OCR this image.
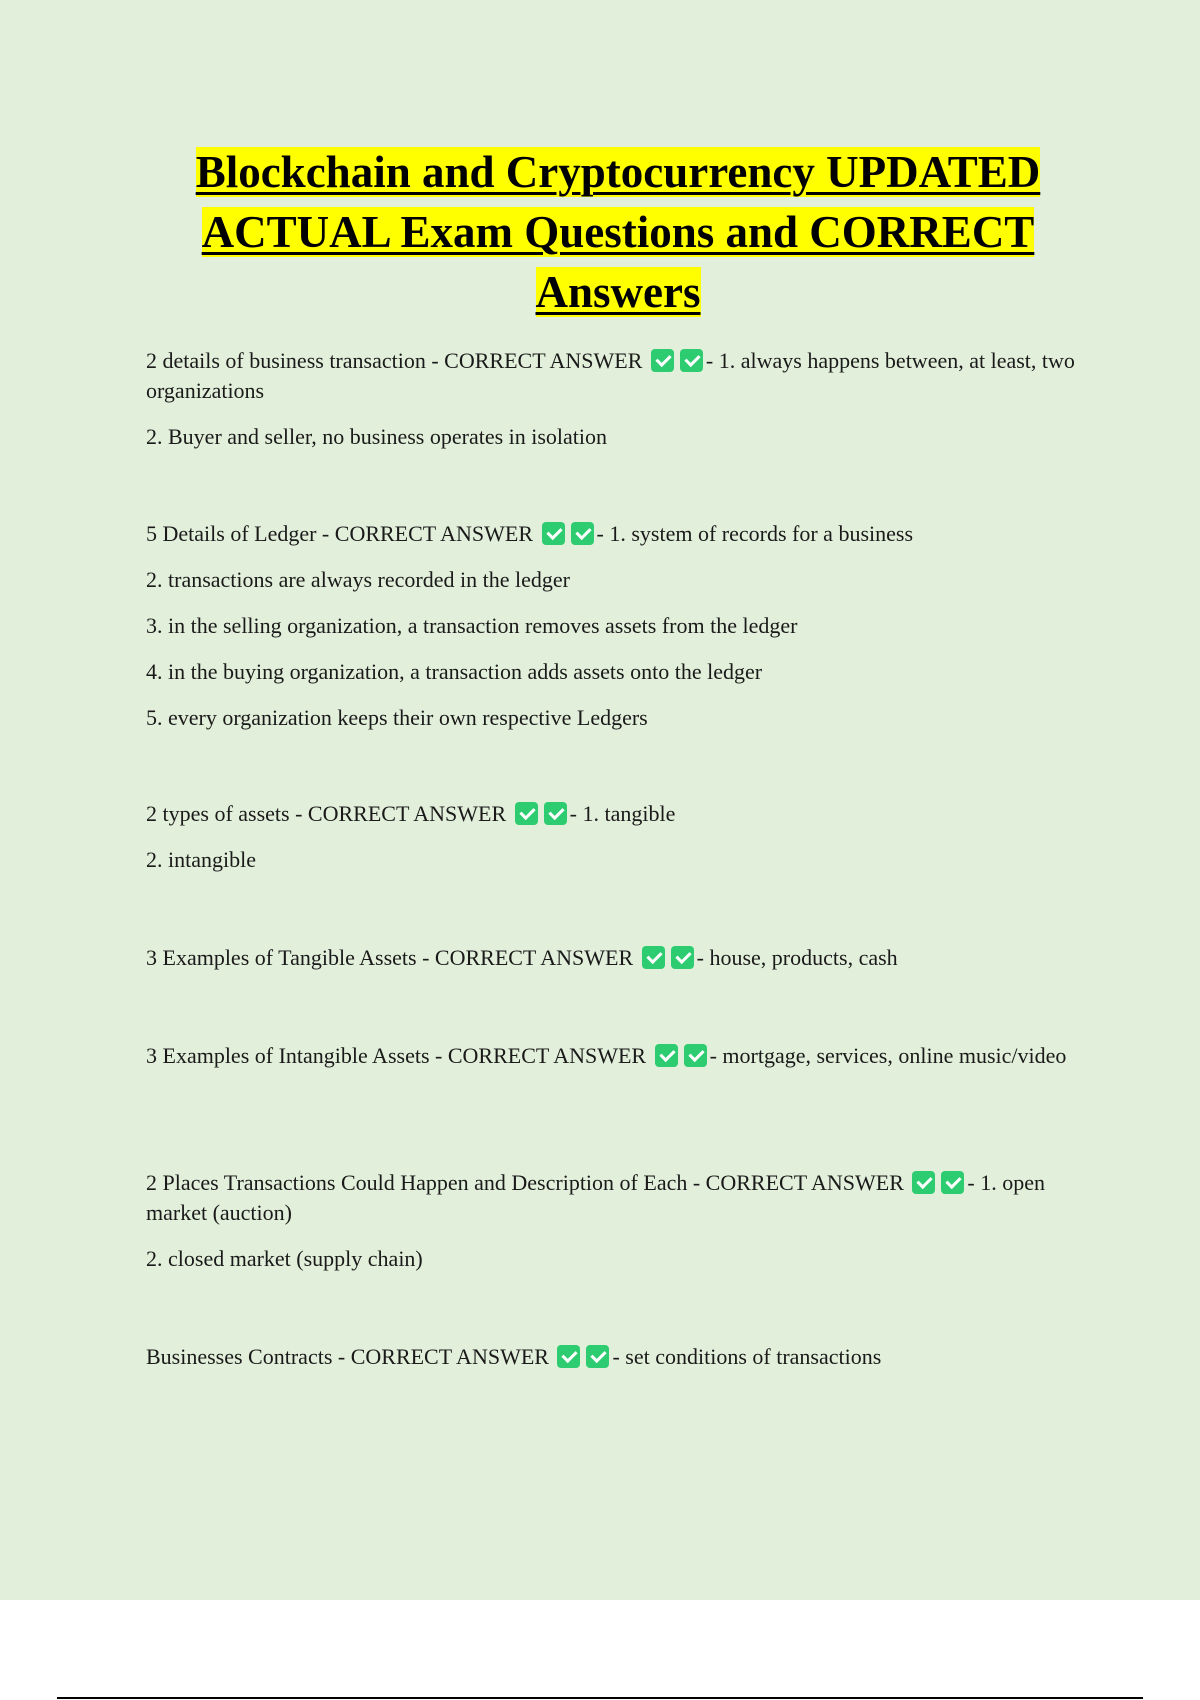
Blockchain and Cryptocurrency UPDATED
ACTUAL Exam Questions and CORRECT
Answers

2 details of business transaction - CORRECT ANSWER	- 1. always happens between, at least, two organizations

2. Buyer and seller, no business operates in isolation

5 Details of Ledger - CORRECT ANSWER	- 1. system of records for a business

2. transactions are always recorded in the ledger

3. in the selling organization, a transaction removes assets from the ledger

4. in the buying organization, a transaction adds assets onto the ledger

5. every organization keeps their own respective Ledgers

2 types of assets - CORRECT ANSWER	- 1. tangible

2. intangible

3 Examples of Tangible Assets - CORRECT ANSWER	- house, products, cash

3 Examples of Intangible Assets - CORRECT ANSWER	- mortgage, services, online music/video

2 Places Transactions Could Happen and Description of Each - CORRECT ANSWER	- 1. open market (auction)

2. closed market (supply chain)

Businesses Contracts - CORRECT ANSWER	- set conditions of transactions
